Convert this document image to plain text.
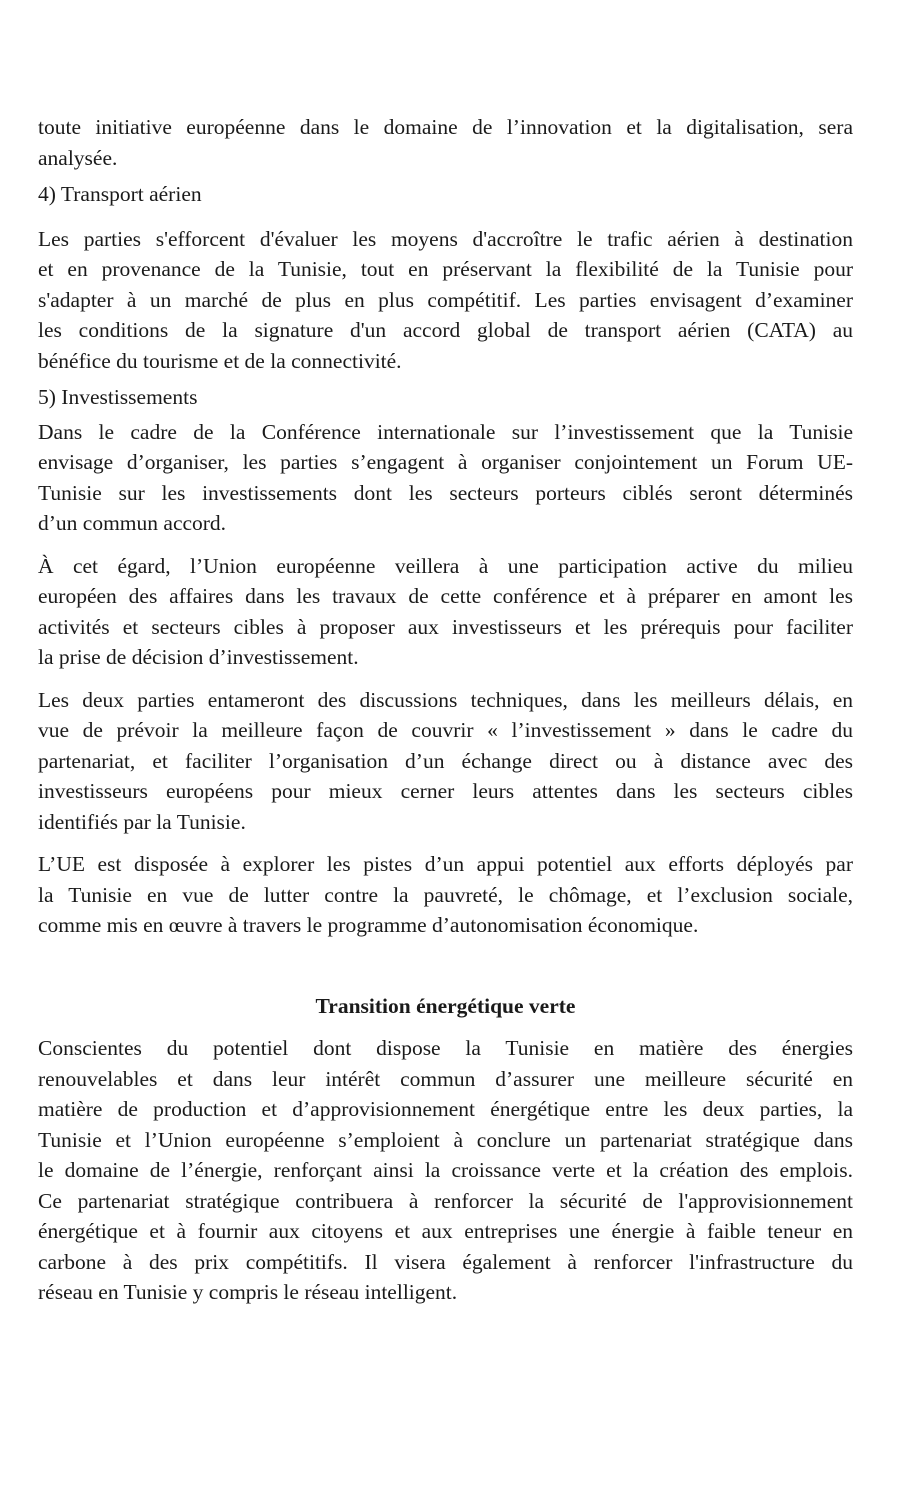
toute initiative européenne dans le domaine de l’innovation et la digitalisation, sera
analysée.

4) Transport aérien

Les parties s'efforcent d'évaluer les moyens d'accroître le trafic aérien à destination
et en provenance de la Tunisie, tout en préservant la flexibilité de la Tunisie pour
s'adapter à un marché de plus en plus compétitif. Les parties envisagent d’examiner
les conditions de la signature d'un accord global de transport aérien (CATA) au
bénéfice du tourisme et de la connectivité.

5) Investissements

Dans le cadre de la Conférence internationale sur l’investissement que la Tunisie
envisage d’organiser, les parties s’engagent à organiser conjointement un Forum UE-
Tunisie sur les investissements dont les secteurs porteurs ciblés seront déterminés
d’un commun accord.

À cet égard, l’Union européenne veillera à une participation active du milieu
européen des affaires dans les travaux de cette conférence et à préparer en amont les
activités et secteurs cibles à proposer aux investisseurs et les prérequis pour faciliter
la prise de décision d’investissement.

Les deux parties entameront des discussions techniques, dans les meilleurs délais, en
vue de prévoir la meilleure façon de couvrir « l’investissement » dans le cadre du
partenariat, et faciliter l’organisation d’un échange direct ou à distance avec des
investisseurs européens pour mieux cerner leurs attentes dans les secteurs cibles
identifiés par la Tunisie.

L’UE est disposée à explorer les pistes d’un appui potentiel aux efforts déployés par
la Tunisie en vue de lutter contre la pauvreté, le chômage, et l’exclusion sociale,
comme mis en œuvre à travers le programme d’autonomisation économique.

Transition énergétique verte

Conscientes du potentiel dont dispose la Tunisie en matière des énergies
renouvelables et dans leur intérêt commun d’assurer une meilleure sécurité en
matière de production et d’approvisionnement énergétique entre les deux parties, la
Tunisie et l’Union européenne s’emploient à conclure un partenariat stratégique dans
le domaine de l’énergie, renforçant ainsi la croissance verte et la création des emplois.
Ce partenariat stratégique contribuera à renforcer la sécurité de l'approvisionnement
énergétique et à fournir aux citoyens et aux entreprises une énergie à faible teneur en
carbone à des prix compétitifs. Il visera également à renforcer l'infrastructure du
réseau en Tunisie y compris le réseau intelligent.
